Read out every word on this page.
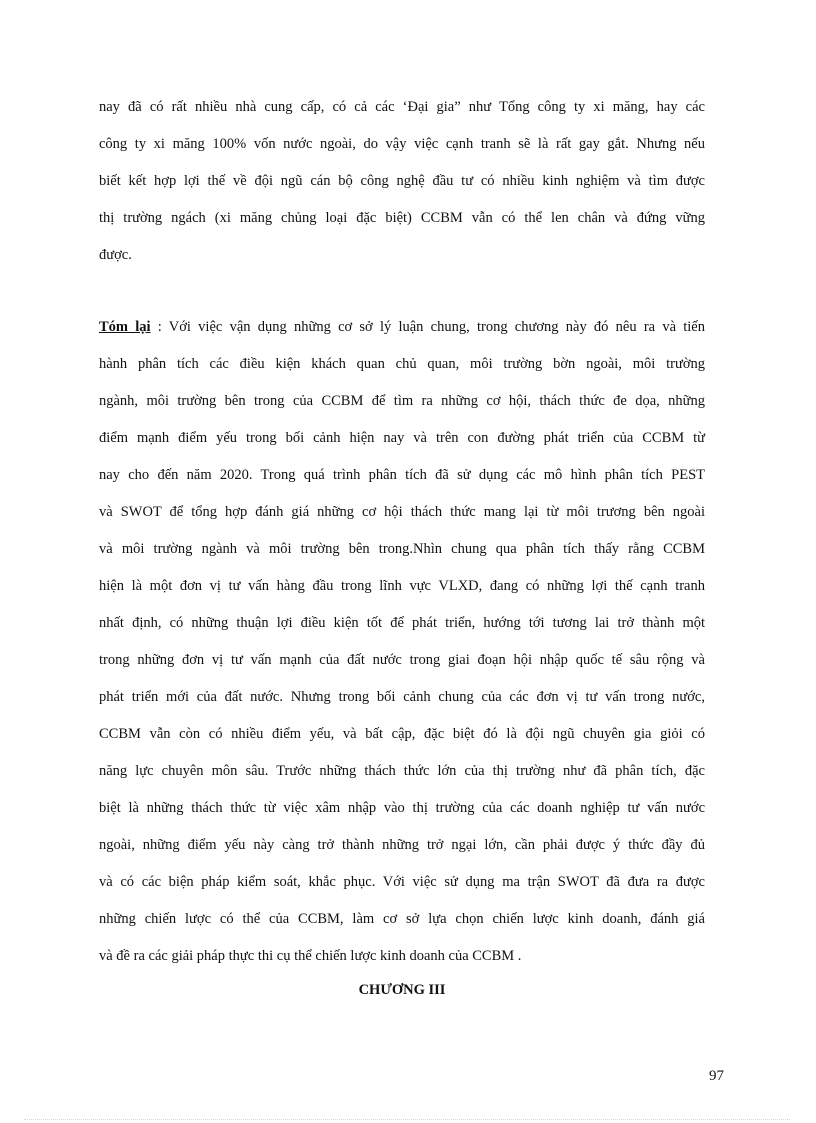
nay đã có rất nhiều nhà cung cấp, có cả các ‘Đại gia” như Tổng công ty xi măng, hay các
công ty xi măng 100% vốn nước ngoài, do vậy việc cạnh tranh sẽ là rất gay gắt. Nhưng nếu
biết kết hợp lợi thế về đội ngũ cán bộ công nghệ đầu tư có nhiều kinh nghiệm và tìm được
thị trường ngách (xi măng chủng loại đặc biệt) CCBM vẫn có thể len chân và đứng vững
được.
Tóm lại : Với việc vận dụng những cơ sở lý luận chung, trong chương này đó nêu ra và tiến
hành phân tích các điều kiện khách quan chủ quan, môi trường bờn ngoài, môi trường
ngành, môi trường bên trong của CCBM để tìm ra những cơ hội, thách thức đe dọa, những
điểm mạnh điểm yếu trong bối cảnh hiện nay và trên con đường phát triển của CCBM từ
nay cho đến năm 2020. Trong quá trình phân tích đã sử dụng các mô hình phân tích PEST
và SWOT để tổng hợp đánh giá những cơ hội thách thức mang lại từ môi trương bên ngoài
và môi trường ngành và môi trường bên trong.Nhìn chung qua phân tích thấy rằng CCBM
hiện là một đơn vị tư vấn hàng đầu trong lĩnh vực VLXD, đang có những lợi thế cạnh tranh
nhất định, có những thuận lợi điều kiện tốt để phát triển, hướng tới tương lai trở thành một
trong những đơn vị tư vấn mạnh của đất nước trong giai đoạn hội nhập quốc tế sâu rộng và
phát triển mới của đất nước. Nhưng trong bối cảnh chung của các đơn vị tư vấn trong nước,
CCBM vẫn còn có nhiều điểm yếu, và bất cập, đặc biệt đó là đội ngũ chuyên gia giỏi có
năng lực chuyên môn sâu. Trước những thách thức lớn của thị trường như đã phân tích, đặc
biệt là những thách thức từ việc xâm nhập vào thị trường của các doanh nghiệp tư vấn nước
ngoài, những điểm yếu này càng trở thành những trở ngại lớn, cần phải được ý thức đầy đủ
và có các biện pháp kiểm soát, khắc phục. Với việc sử dụng ma trận SWOT đã đưa ra được
những chiến lược có thể của CCBM, làm cơ sở lựa chọn chiến lược kinh doanh, đánh giá
và đề ra các giải pháp thực thi cụ thể chiến lược kinh doanh của CCBM .
CHƯƠNG III
97
